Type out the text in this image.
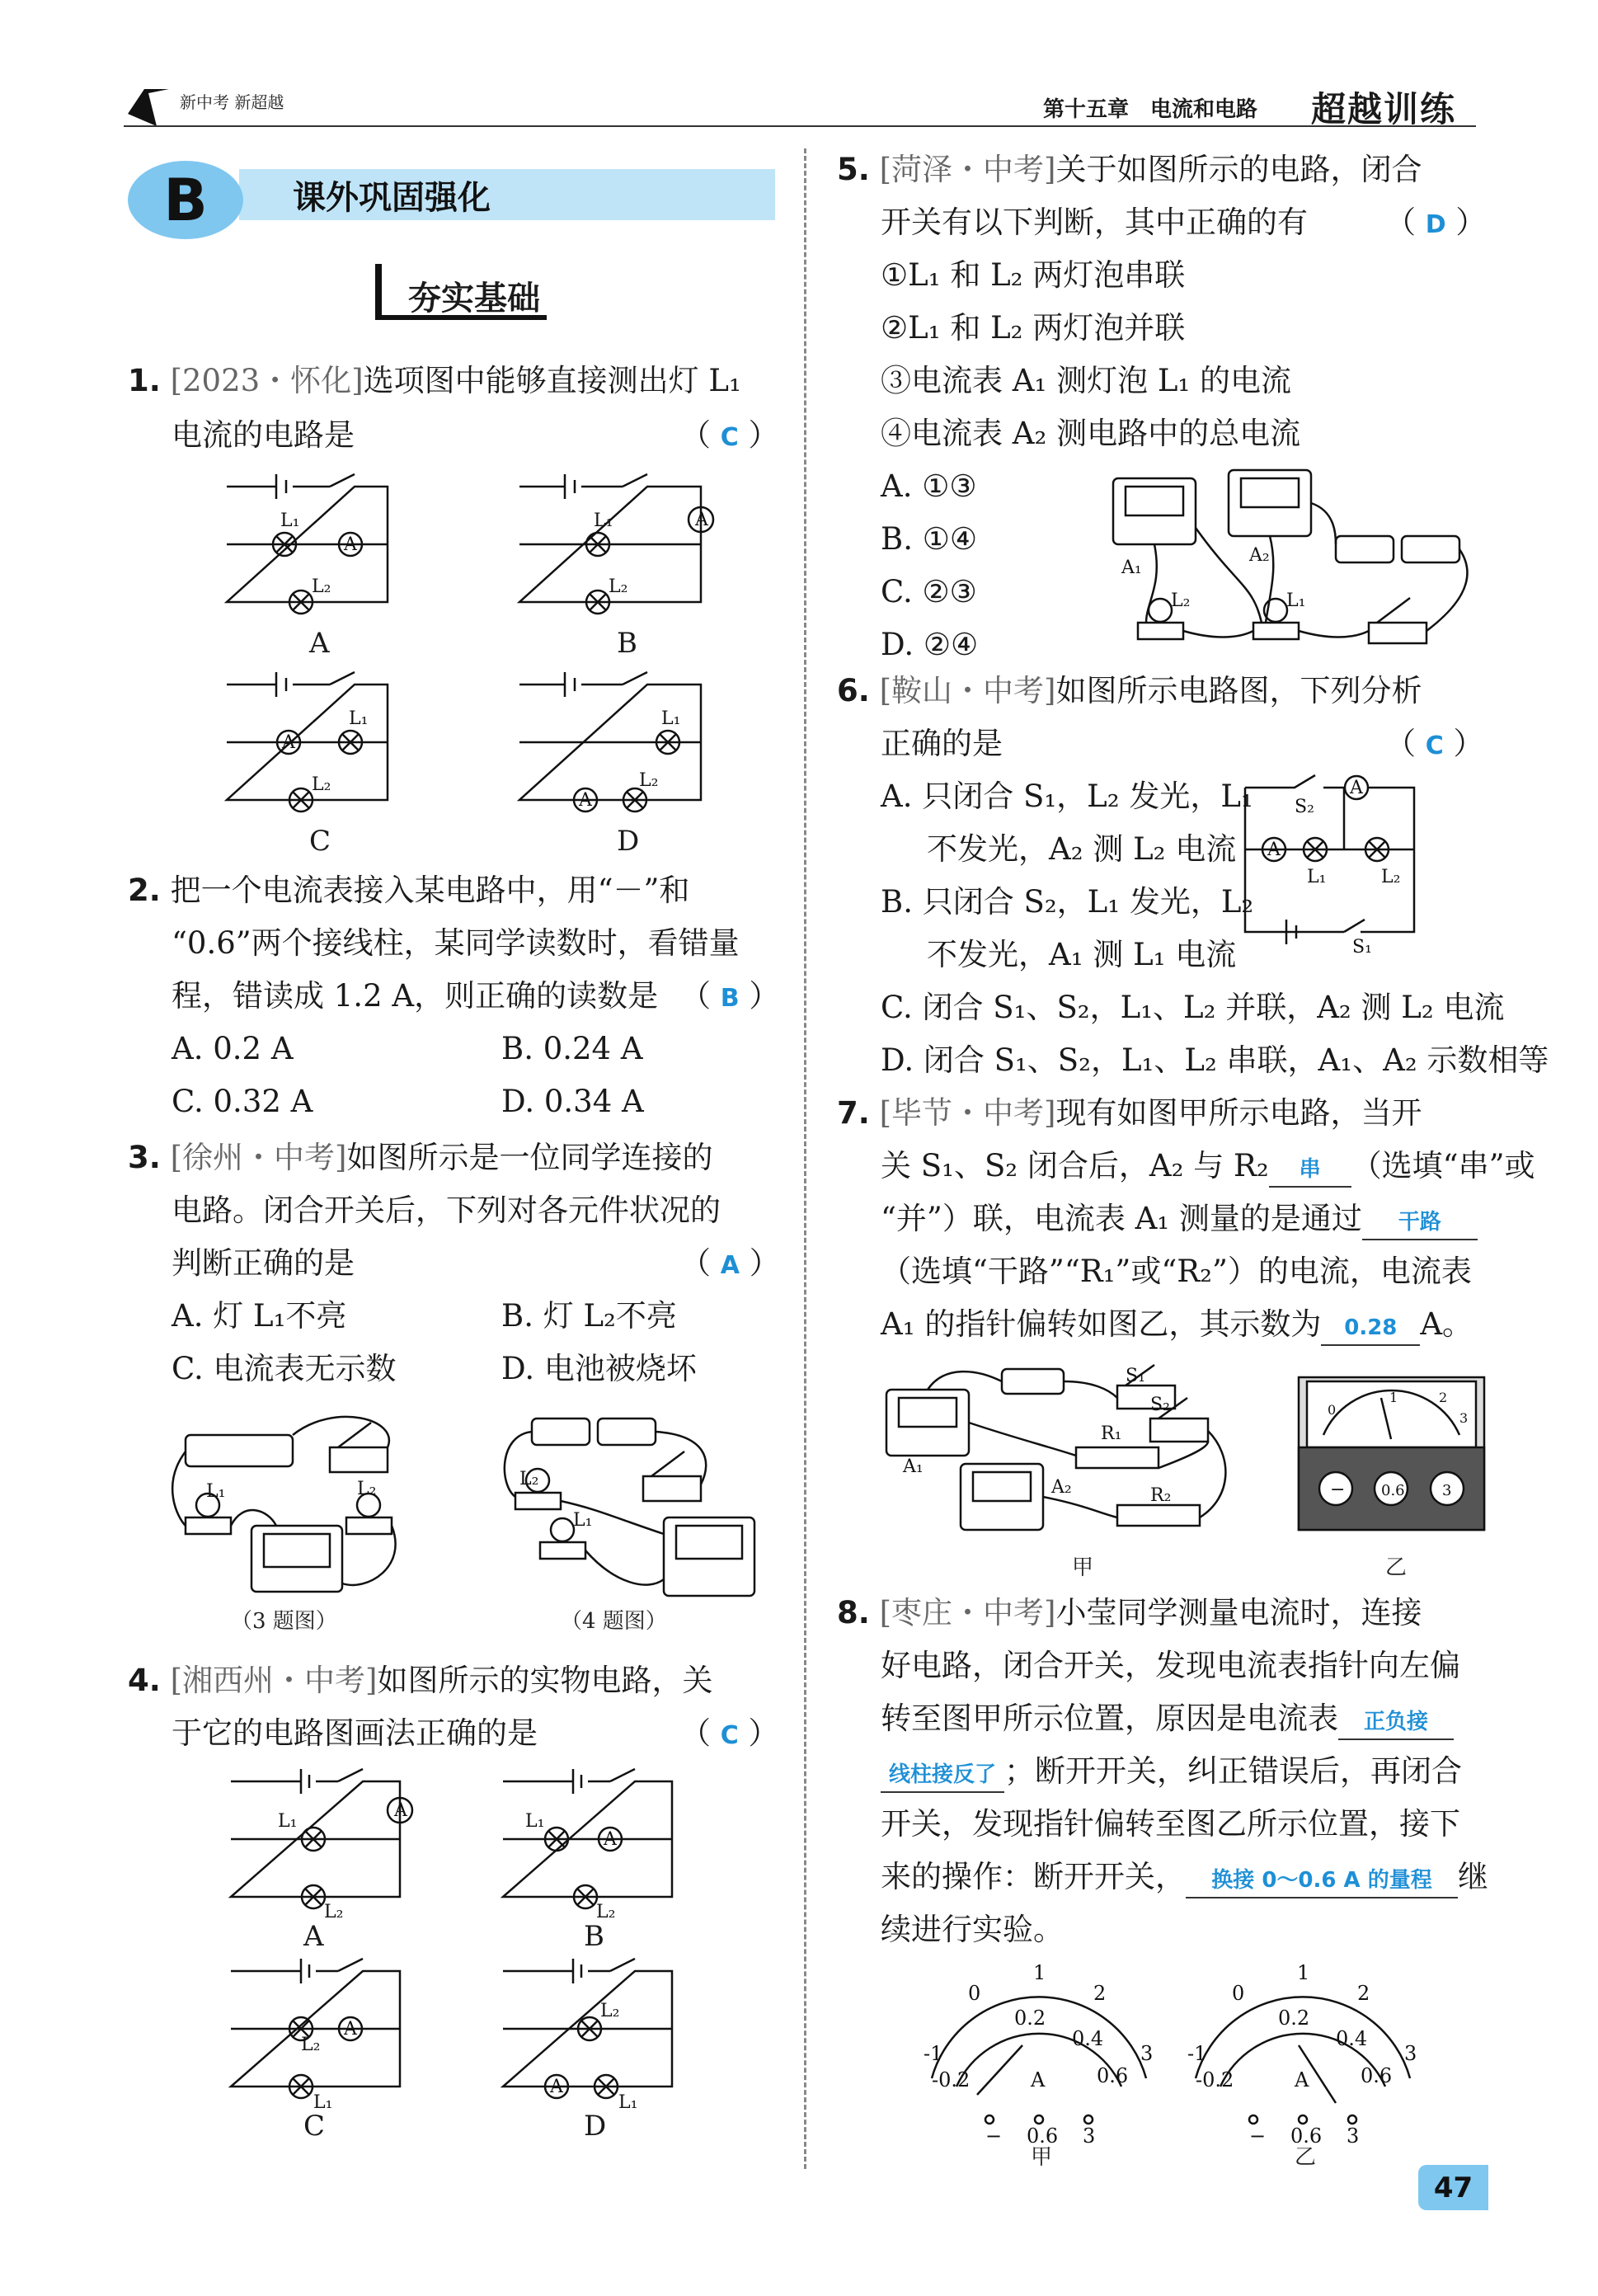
新中考 新超越	第十五章　电流和电路 超越训练
课外巩固强化
B
夯实基础
1. [2023・怀化]选项图中能够直接测出灯 L₁
电流的电路是	（ C ）
L₁
A
L₂
L₁	A
L₂
A
L₁
L₂
L₁
A
L₂
A	B
C	D
2. 把一个电流表接入某电路中，用“－”和
“0.6”两个接线柱，某同学读数时，看错量
程，错读成 1.2 A，则正确的读数是 （ B ）
A. 0.2 A	B. 0.24 A
C. 0.32 A	D. 0.34 A
3. [徐州・中考]如图所示是一位同学连接的
电路。闭合开关后，下列对各元件状况的
判断正确的是	（ A ）
A. 灯 L₁不亮	B. 灯 L₂不亮
C. 电流表无示数	D. 电池被烧坏
L₁	L₂	L₂
L₁
（3 题图）	（4 题图）
4. [湘西州・中考]如图所示的实物电路，关
于它的电路图画法正确的是	（ C ）
L₁
A
L₂
L₁
A
L₂
L₂
A
L₁
L₂
A
L₁
A	B
C	D
5. [菏泽・中考]关于如图所示的电路，闭合
开关有以下判断，其中正确的有	（ D ）
①L₁ 和 L₂ 两灯泡串联
②L₁ 和 L₂ 两灯泡并联
③电流表 A₁ 测灯泡 L₁ 的电流
④电流表 A₂ 测电路中的总电流
A. ①③
B. ①④
C. ②③
D. ②④
A₁
A₂
L₂	L₁
6. [鞍山・中考]如图所示电路图，下列分析
正确的是	（ C ）
A. 只闭合 S₁，L₂ 发光，L₁
不发光，A₂ 测 L₂ 电流
B. 只闭合 S₂，L₁ 发光，L₂
不发光，A₁ 测 L₁ 电流
C. 闭合 S₁、S₂，L₁、L₂ 并联，A₂ 测 L₂ 电流
D. 闭合 S₁、S₂，L₁、L₂ 串联，A₁、A₂ 示数相等
S₂
A
A
L₁	L₂
S₁
7. [毕节・中考]现有如图甲所示电路，当开
关 S₁、S₂ 闭合后，A₂ 与 R₂ 串 （选填“串”或
“并”）联，电流表 A₁ 测量的是通过 干路
（选填“干路”“R₁”或“R₂”）的电流，电流表
A₁ 的指针偏转如图乙，其示数为 0.28 A。
A₁
A₂
S₁
S₂
R₁
R₂
0
1	2
3
− 0.6	3
甲	乙
8. [枣庄・中考]小莹同学测量电流时，连接
好电路，闭合开关，发现电流表指针向左偏
转至图甲所示位置，原因是电流表 正负接
线柱接反了 ；断开开关，纠正错误后，再闭合
开关，发现指针偏转至图乙所示位置，接下
来的操作：断开开关， 换接 0～0.6 A 的量程 继
续进行实验。
0
1
2
3
0.2
0.4
0.6
-1
-0.2	A
− 0.6 3
0
1
2
3
0.2
0.4
0.6
-1
-0.2	A
− 0.6 3
甲	乙
47
